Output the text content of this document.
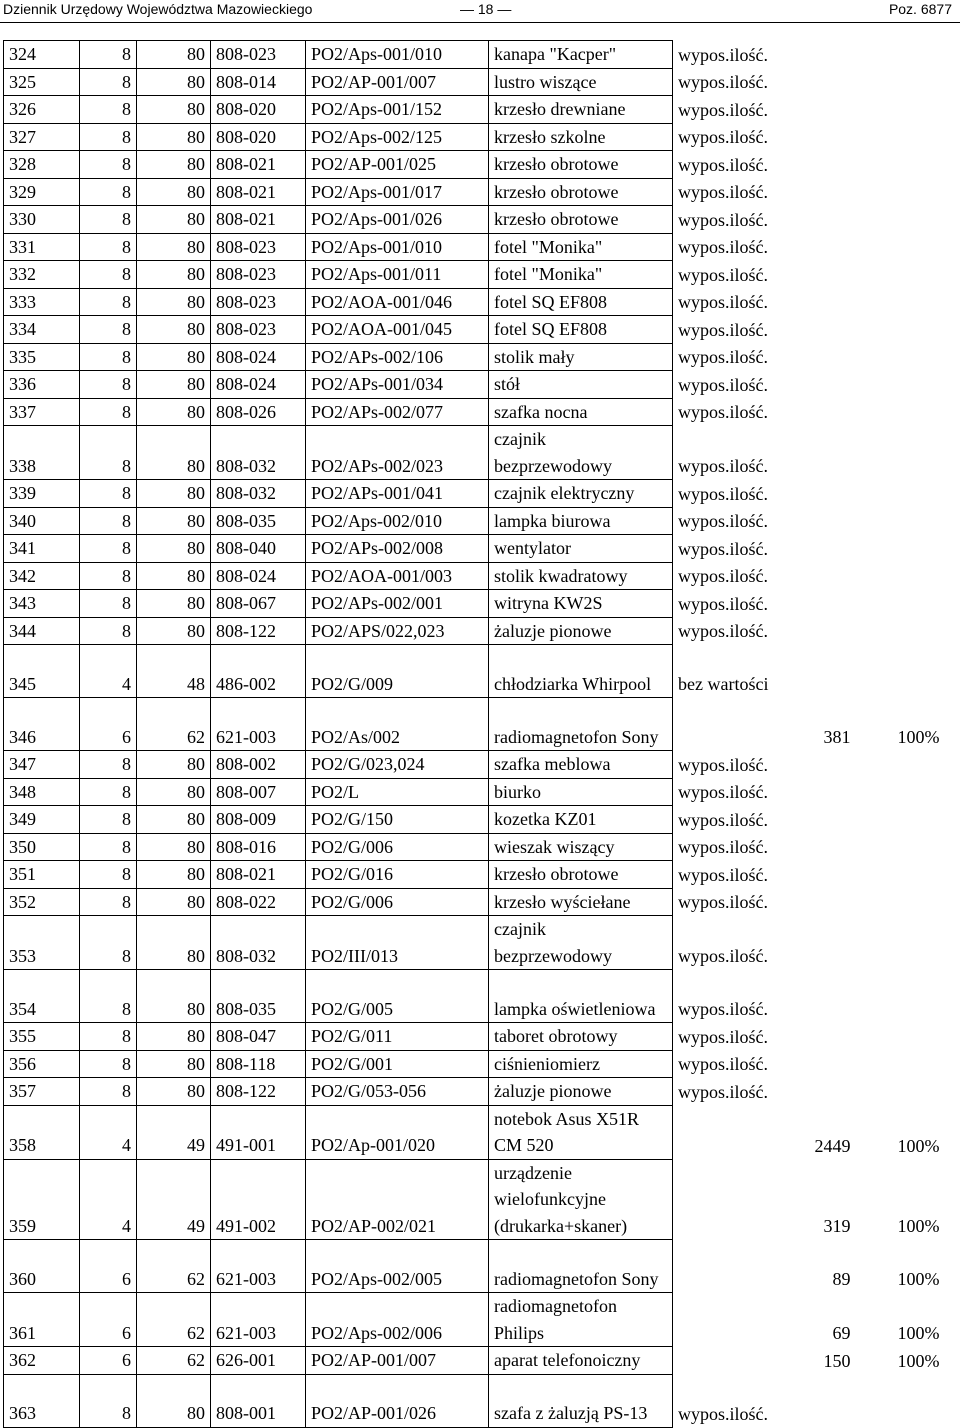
Dziennik Urzędowy Województwa Mazowieckiego	— 18 —	Poz. 6877
324	8	80	808-023	PO2/Aps-001/010	kanapa "Kacper"	wypos.ilość.		
325	8	80	808-014	PO2/AP-001/007	lustro wiszące	wypos.ilość.		
326	8	80	808-020	PO2/Aps-001/152	krzesło drewniane	wypos.ilość.		
327	8	80	808-020	PO2/Aps-002/125	krzesło szkolne	wypos.ilość.		
328	8	80	808-021	PO2/AP-001/025	krzesło obrotowe	wypos.ilość.		
329	8	80	808-021	PO2/Aps-001/017	krzesło obrotowe	wypos.ilość.		
330	8	80	808-021	PO2/Aps-001/026	krzesło obrotowe	wypos.ilość.		
331	8	80	808-023	PO2/Aps-001/010	fotel "Monika"	wypos.ilość.		
332	8	80	808-023	PO2/Aps-001/011	fotel "Monika"	wypos.ilość.		
333	8	80	808-023	PO2/AOA-001/046	fotel SQ EF808	wypos.ilość.		
334	8	80	808-023	PO2/AOA-001/045	fotel SQ EF808	wypos.ilość.		
335	8	80	808-024	PO2/APs-002/106	stolik mały	wypos.ilość.		
336	8	80	808-024	PO2/APs-001/034	stół	wypos.ilość.		
337	8	80	808-026	PO2/APs-002/077	szafka nocna	wypos.ilość.		
338	8	80	808-032	PO2/APs-002/023	czajnik bezprzewodowy	wypos.ilość.		
339	8	80	808-032	PO2/APs-001/041	czajnik elektryczny	wypos.ilość.		
340	8	80	808-035	PO2/Aps-002/010	lampka biurowa	wypos.ilość.		
341	8	80	808-040	PO2/APs-002/008	wentylator	wypos.ilość.		
342	8	80	808-024	PO2/AOA-001/003	stolik kwadratowy	wypos.ilość.		
343	8	80	808-067	PO2/APs-002/001	witryna KW2S	wypos.ilość.		
344	8	80	808-122	PO2/APS/022,023	żaluzje pionowe	wypos.ilość.		
345	4	48	486-002	PO2/G/009	chłodziarka Whirpool	bez wartości		
346	6	62	621-003	PO2/As/002	radiomagnetofon Sony		381	100%
347	8	80	808-002	PO2/G/023,024	szafka meblowa	wypos.ilość.		
348	8	80	808-007	PO2/L	biurko	wypos.ilość.		
349	8	80	808-009	PO2/G/150	kozetka KZ01	wypos.ilość.		
350	8	80	808-016	PO2/G/006	wieszak wiszący	wypos.ilość.		
351	8	80	808-021	PO2/G/016	krzesło obrotowe	wypos.ilość.		
352	8	80	808-022	PO2/G/006	krzesło wyściełane	wypos.ilość.		
353	8	80	808-032	PO2/III/013	czajnik bezprzewodowy	wypos.ilość.		
354	8	80	808-035	PO2/G/005	lampka oświetleniowa	wypos.ilość.		
355	8	80	808-047	PO2/G/011	taboret obrotowy	wypos.ilość.		
356	8	80	808-118	PO2/G/001	ciśnieniomierz	wypos.ilość.		
357	8	80	808-122	PO2/G/053-056	żaluzje pionowe	wypos.ilość.		
358	4	49	491-001	PO2/Ap-001/020	notebok Asus X51R CM 520		2449	100%
359	4	49	491-002	PO2/AP-002/021	urządzenie wielofunkcyjne (drukarka+skaner)		319	100%
360	6	62	621-003	PO2/Aps-002/005	radiomagnetofon Sony		89	100%
361	6	62	621-003	PO2/Aps-002/006	radiomagnetofon Philips		69	100%
362	6	62	626-001	PO2/AP-001/007	aparat telefonoiczny		150	100%
363	8	80	808-001	PO2/AP-001/026	szafa z żaluzją PS-13	wypos.ilość.		
